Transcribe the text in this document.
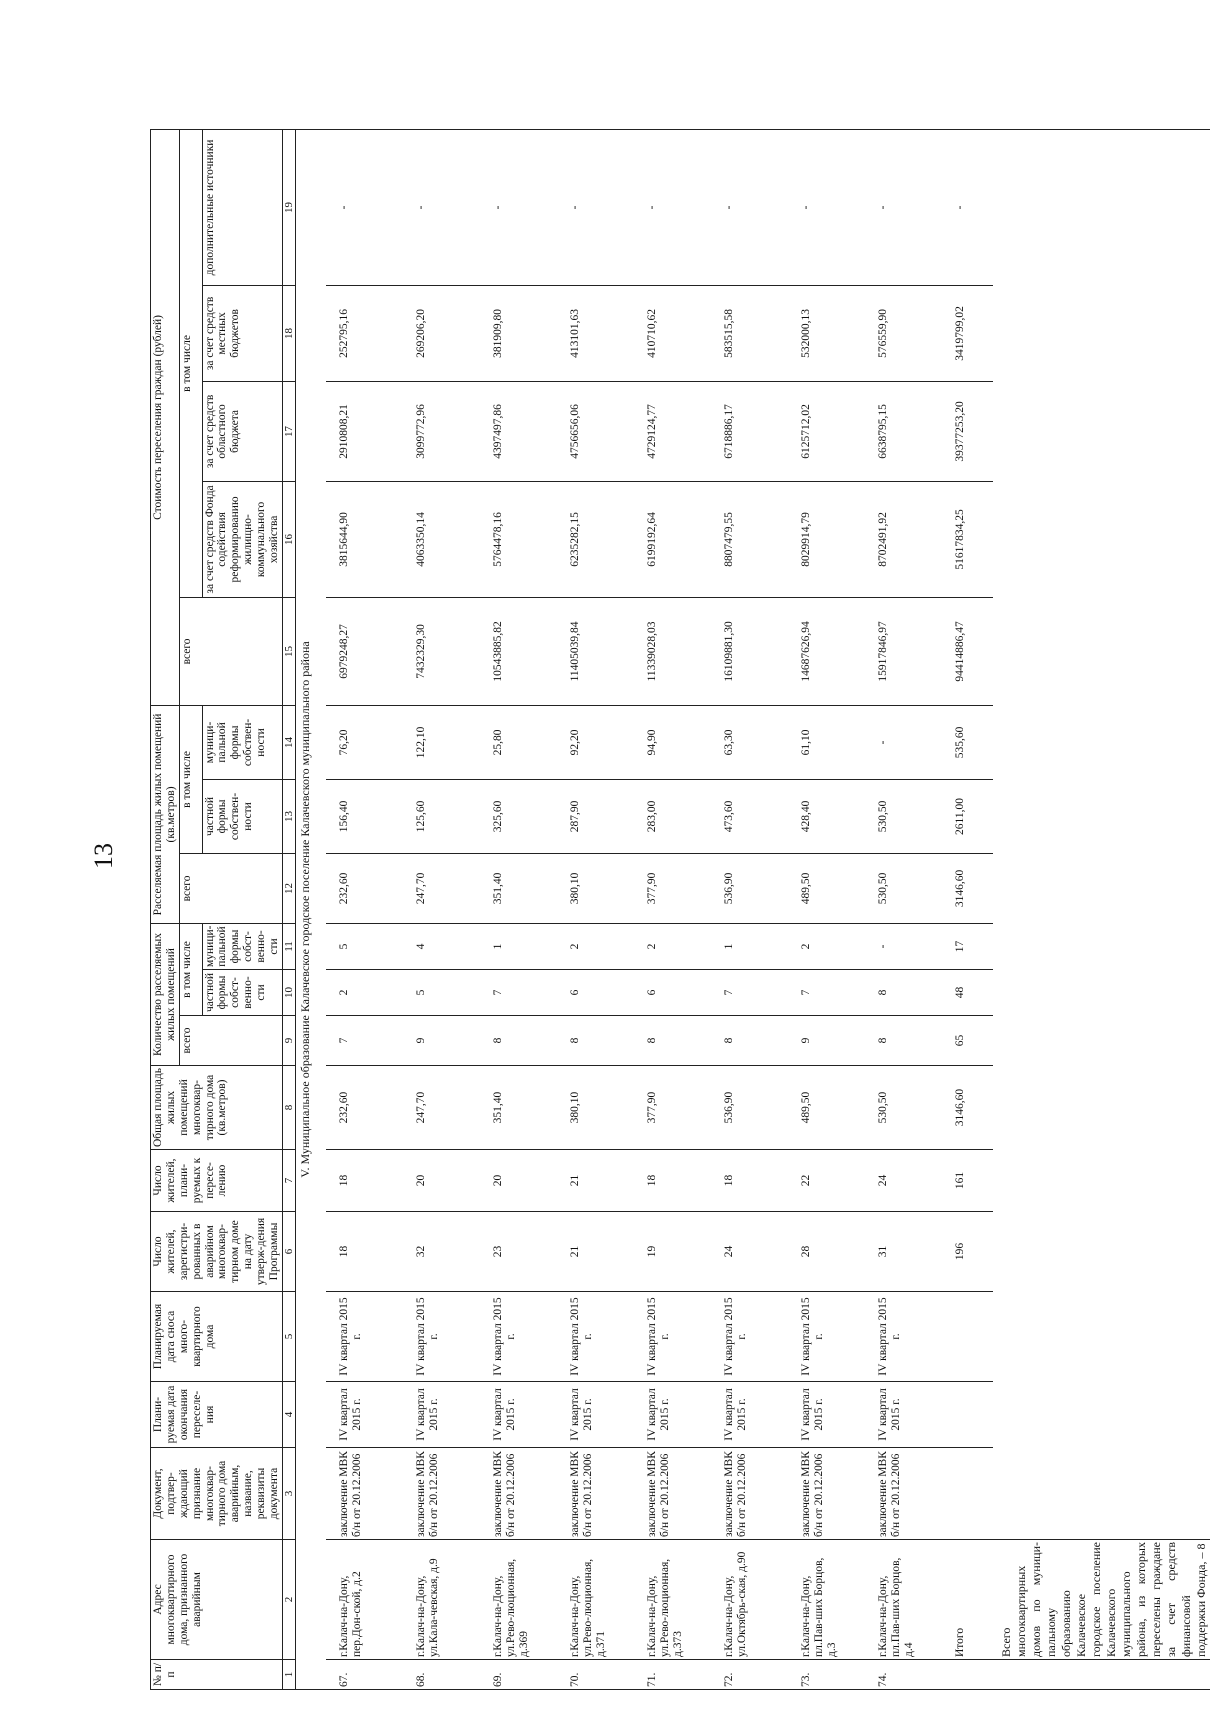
13
№ п/п	Адрес многоквартирного дома, признанного аварийным	Документ, подтвер-ждающий признание многоквар-тирного дома аварийным, название, реквизиты документа	Плани-руемая дата окончания переселе-ния	Планируемая дата сноса много-квартирного дома	Число жителей, зарегистри-рованных в аварийном многоквар-тирном доме на дату утверж-дения Программы	Число жителей, плани-руемых к пересе-лению	Общая площадь жилых помещений многоквар-тирного дома (кв.метров)	Количество расселяемых жилых помещений			Расселяемая площадь жилых помещений (кв.метров)			Стоимость переселения граждан (рублей)				
								всего	в том числе		всего	в том числе		всего	в том числе			
									частной формы собст-венно-сти	муници-пальной формы собст-венно-сти		частной формы собствен-ности	муници-пальной формы собствен-ности		за счет средств Фонда содействия реформированию жилищно-коммунального хозяйства	за счет средств областного бюджета	за счет средств местных бюджетов	дополнительные источники
1	2	3	4	5	6	7	8	9	10	11	12	13	14	15	16	17	18	19
V. Муниципальное образование Калачевское городское поселение Калачевского муниципального района																		
67.	г.Калач-на-Дону, пер.Дон-ской, д.2	заключение МВК б/н от 20.12.2006	IV квартал 2015 г.	IV квартал 2015 г.	18	18	232,60	7	2	5	232,60	156,40	76,20	6979248,27	3815644,90	2910808,21	252795,16	-
68.	г.Калач-на-Дону, ул.Кала-чевская, д.9	заключение МВК б/н от 20.12.2006	IV квартал 2015 г.	IV квартал 2015 г.	32	20	247,70	9	5	4	247,70	125,60	122,10	7432329,30	4063350,14	3099772,96	269206,20	-
69.	г.Калач-на-Дону, ул.Рево-люционная, д.369	заключение МВК б/н от 20.12.2006	IV квартал 2015 г.	IV квартал 2015 г.	23	20	351,40	8	7	1	351,40	325,60	25,80	10543885,82	5764478,16	4397497,86	381909,80	-
70.	г.Калач-на-Дону, ул.Рево-люционная, д.371	заключение МВК б/н от 20.12.2006	IV квартал 2015 г.	IV квартал 2015 г.	21	21	380,10	8	6	2	380,10	287,90	92,20	11405039,84	6235282,15	4756656,06	413101,63	-
71.	г.Калач-на-Дону, ул.Рево-люционная, д.373	заключение МВК б/н от 20.12.2006	IV квартал 2015 г.	IV квартал 2015 г.	19	18	377,90	8	6	2	377,90	283,00	94,90	11339028,03	6199192,64	4729124,77	410710,62	-
72.	г.Калач-на-Дону, ул.Октябрь-ская, д.90	заключение МВК б/н от 20.12.2006	IV квартал 2015 г.	IV квартал 2015 г.	24	18	536,90	8	7	1	536,90	473,60	63,30	16109881,30	8807479,55	6718886,17	583515,58	-
73.	г.Калач-на-Дону, пл.Пав-ших Борцов, д.3	заключение МВК б/н от 20.12.2006	IV квартал 2015 г.	IV квартал 2015 г.	28	22	489,50	9	7	2	489,50	428,40	61,10	14687626,94	8029914,79	6125712,02	532000,13	-
74.	г.Калач-на-Дону, пл.Пав-ших Борцов, д.4	заключение МВК б/н от 20.12.2006	IV квартал 2015 г.	IV квартал 2015 г.	31	24	530,50	8	8	-	530,50	530,50	-	15917846,97	8702491,92	6638795,15	576559,90	-
	Итого				196	161	3146,60	65	48	17	3146,60	2611,00	535,60	94414886,47	51617834,25	39377253,20	3419799,02	-
	Всего многоквартирных домов по муници-пальному образованию Калачевское городское поселение Калачевского муниципального района, из которых переселены граждане за счет средств финансовой поддержки Фонда, – 8																	
